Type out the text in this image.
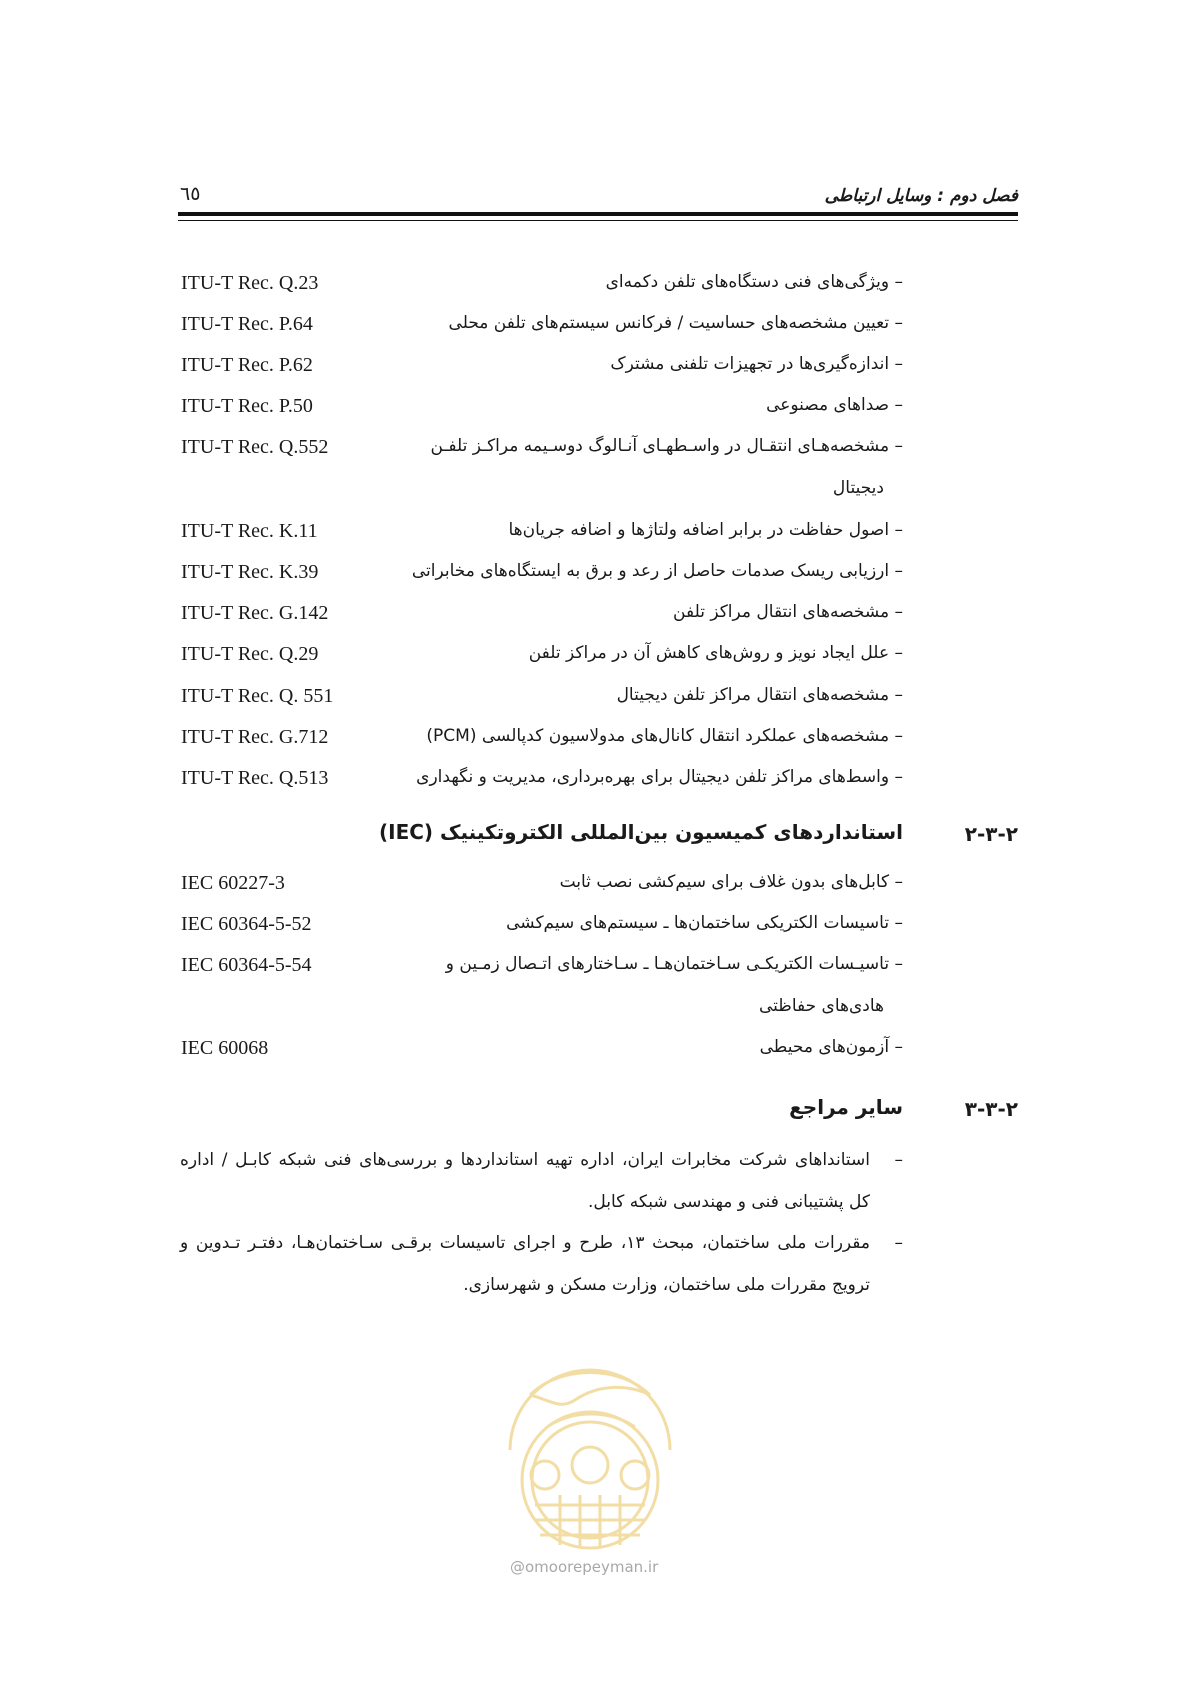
فصل دوم : وسایل ارتباطی
٦٥
ITU-T Rec. Q.23	– ویژگی‌های فنی دستگاه‌های تلفن دکمه‌ای
ITU-T Rec. P.64	– تعیین مشخصه‌های حساسیت / فرکانس سیستم‌های تلفن محلی
ITU-T Rec. P.62	– اندازه‌گیری‌ها در تجهیزات تلفنی مشترک
ITU-T Rec. P.50	– صداهای مصنوعی
ITU-T Rec. Q.552	– مشخصه‌هـای انتقـال در واسـطهـای آنـالوگ دوسـیمه مراکـز تلفـن
دیجیتال
ITU-T Rec. K.11	– اصول حفاظت در برابر اضافه ولتاژها و اضافه جریان‌ها
ITU-T Rec. K.39	– ارزیابی ریسک صدمات حاصل از رعد و برق به ایستگاه‌های مخابراتی
ITU-T Rec. G.142	– مشخصه‌های انتقال مراکز تلفن
ITU-T Rec. Q.29	– علل ایجاد نویز و روش‌های کاهش آن در مراکز تلفن
ITU-T Rec. Q. 551	– مشخصه‌های انتقال مراکز تلفن دیجیتال
ITU-T Rec. G.712	– مشخصه‌های عملکرد انتقال کانال‌های مدولاسیون کدپالسی (PCM)
ITU-T Rec. Q.513	– واسط‌های مراکز تلفن دیجیتال برای بهره‌برداری، مدیریت و نگهداری
۲-۳-۲
استانداردهای کمیسیون بین‌المللی الکتروتکینیک (IEC)
IEC 60227-3	– کابل‌های بدون غلاف برای سیم‌کشی نصب ثابت
IEC 60364-5-52	– تاسیسات الکتریکی ساختمان‌ها ـ سیستم‌های سیم‌کشی
IEC 60364-5-54	– تاسیـسات الکتریکـی سـاختمان‌هـا ـ سـاختارهای اتـصال زمـین و
هادی‌های حفاظتی
IEC 60068	– آزمون‌های محیطی
۳-۳-۲
سایر مراجع
–
استانداهای شرکت مخابرات ایران، اداره تهیه استانداردها و بررسی‌های فنی شبکه کابـل / اداره
کل پشتیبانی فنی و مهندسی شبکه کابل.
–
مقررات ملی ساختمان، مبحث ۱۳، طرح و اجرای تاسیسات برقـی سـاختمان‌هـا، دفتـر تـدوین و
ترویج مقررات ملی ساختمان، وزارت مسکن و شهرسازی.
@omoorepeyman.ir
